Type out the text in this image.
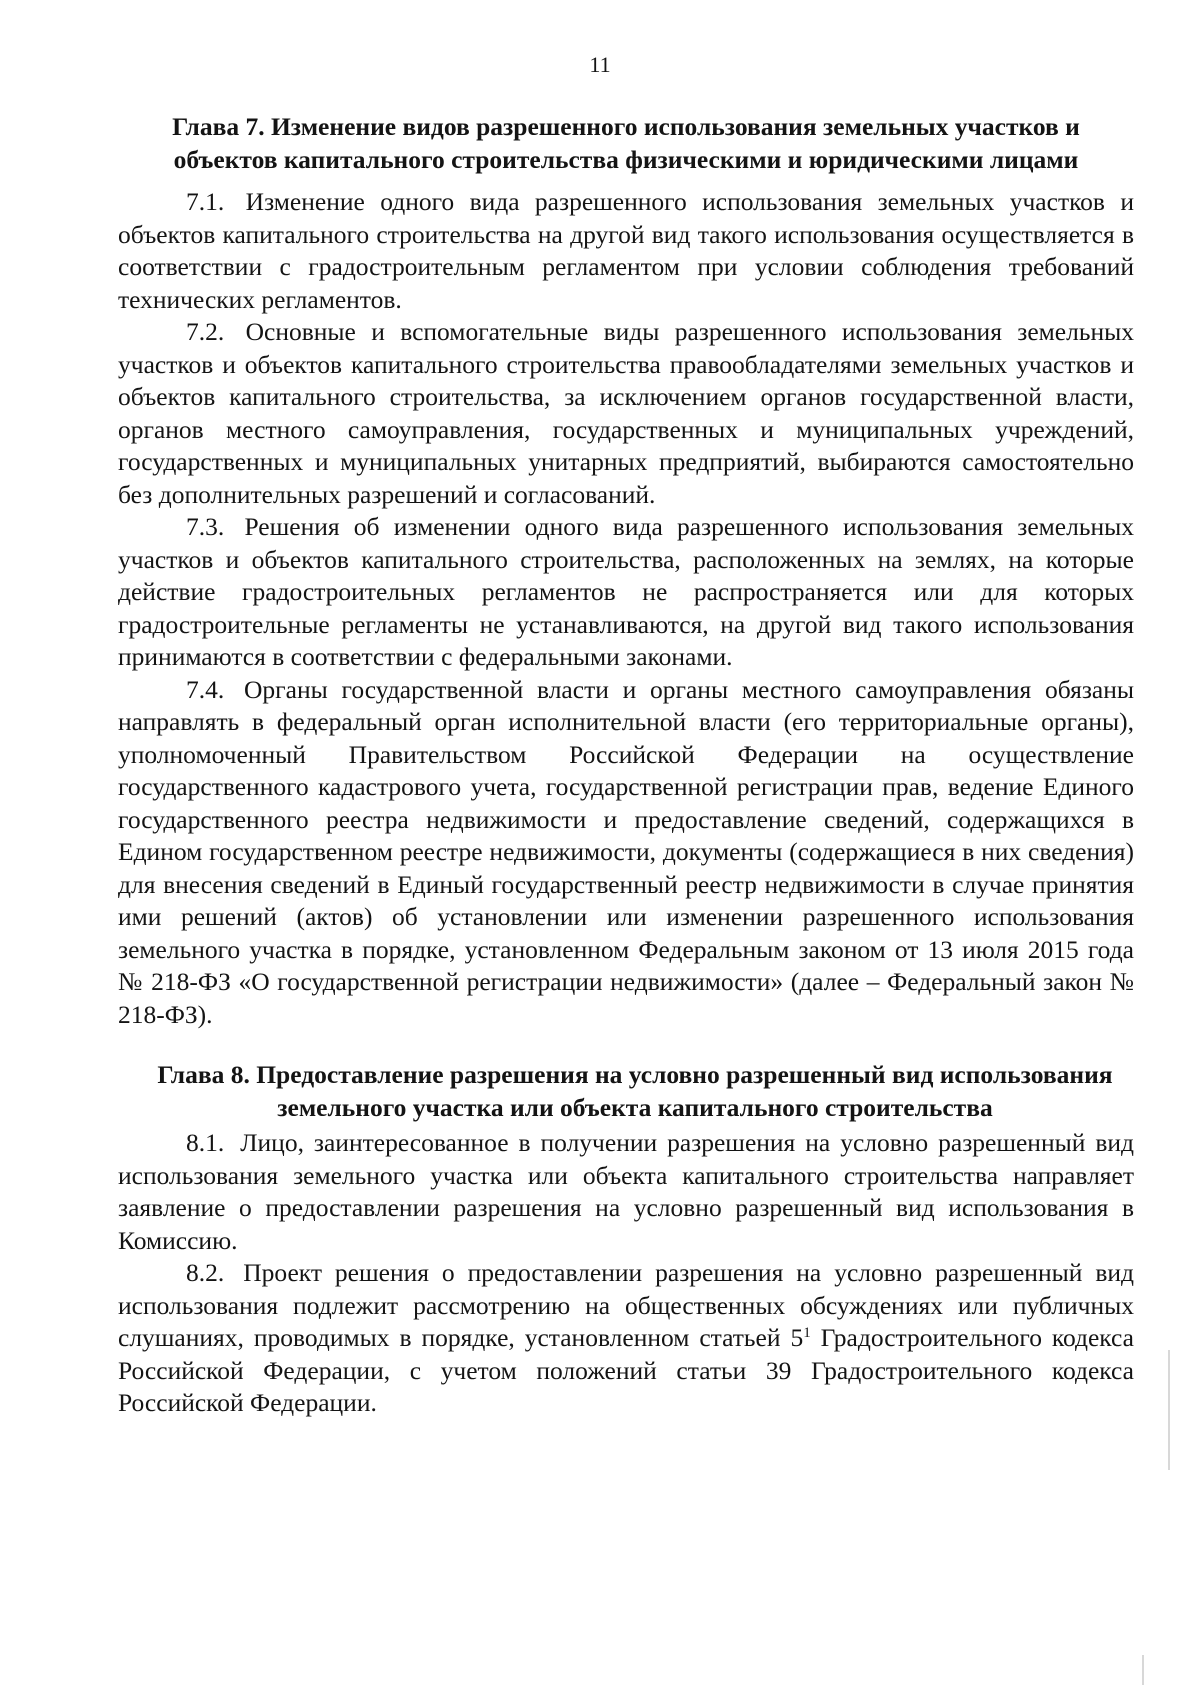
11
Глава 7. Изменение видов разрешенного использования земельных участков и объектов капитального строительства физическими и юридическими лицами

7.1. Изменение одного вида разрешенного использования земельных участков и объектов капитального строительства на другой вид такого использования осуществляется в соответствии с градостроительным регламентом при условии соблюдения требований технических регламентов.

7.2. Основные и вспомогательные виды разрешенного использования земельных участков и объектов капитального строительства правообладателями земельных участков и объектов капитального строительства, за исключением органов государственной власти, органов местного самоуправления, государственных и муниципальных учреждений, государственных и муниципальных унитарных предприятий, выбираются самостоятельно без дополнительных разрешений и согласований.

7.3. Решения об изменении одного вида разрешенного использования земельных участков и объектов капитального строительства, расположенных на землях, на которые действие градостроительных регламентов не распространяется или для которых градостроительные регламенты не устанавливаются, на другой вид такого использования принимаются в соответствии с федеральными законами.

7.4. Органы государственной власти и органы местного самоуправления обязаны направлять в федеральный орган исполнительной власти (его территориальные органы), уполномоченный Правительством Российской Федерации на осуществление государственного кадастрового учета, государственной регистрации прав, ведение Единого государственного реестра недвижимости и предоставление сведений, содержащихся в Едином государственном реестре недвижимости, документы (содержащиеся в них сведения) для внесения сведений в Единый государственный реестр недвижимости в случае принятия ими решений (актов) об установлении или изменении разрешенного использования земельного участка в порядке, установленном Федеральным законом от 13 июля 2015 года № 218-ФЗ «О государственной регистрации недвижимости» (далее – Федеральный закон № 218-ФЗ).

Глава 8. Предоставление разрешения на условно разрешенный вид использования земельного участка или объекта капитального строительства

8.1. Лицо, заинтересованное в получении разрешения на условно разрешенный вид использования земельного участка или объекта капитального строительства направляет заявление о предоставлении разрешения на условно разрешенный вид использования в Комиссию.

8.2. Проект решения о предоставлении разрешения на условно разрешенный вид использования подлежит рассмотрению на общественных обсуждениях или публичных слушаниях, проводимых в порядке, установленном статьей $5^1$ Градостроительного кодекса Российской Федерации, с учетом положений статьи 39 Градостроительного кодекса Российской Федерации.
